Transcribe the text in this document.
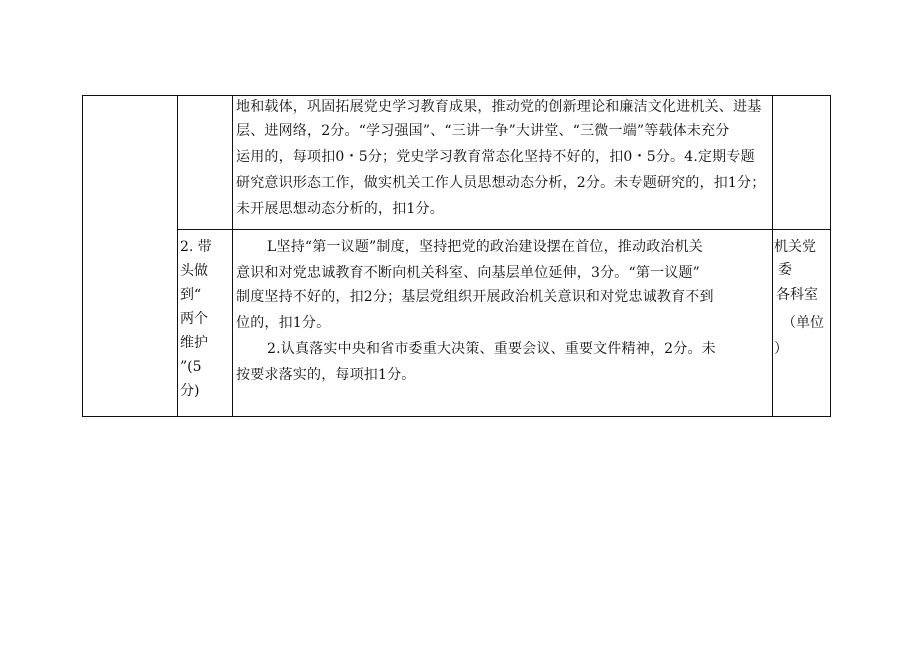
地和载体，巩固拓展党史学习教育成果，推动党的创新理论和廉洁文化进机关、进基
层、进网络，2分。“学习强国”、“三讲一争”大讲堂、“三微一端”等载体未充分
运用的，每项扣0・5分；党史学习教育常态化坚持不好的，扣0・5分。4.定期专题
研究意识形态工作，做实机关工作人员思想动态分析，2分。未专题研究的，扣1分；
未开展思想动态分析的，扣1分。
2. 带
头做
到“
两个
维护
”(5
分)
L坚持“第一议题”制度，坚持把党的政治建设摆在首位，推动政治机关
意识和对党忠诚教育不断向机关科室、向基层单位延伸，3分。“第一议题”
制度坚持不好的，扣2分；基层党组织开展政治机关意识和对党忠诚教育不到
位的，扣1分。
2.认真落实中央和省市委重大决策、重要会议、重要文件精神，2分。未
按要求落实的，每项扣1分。
机关党
委
各科室
（单位
）
